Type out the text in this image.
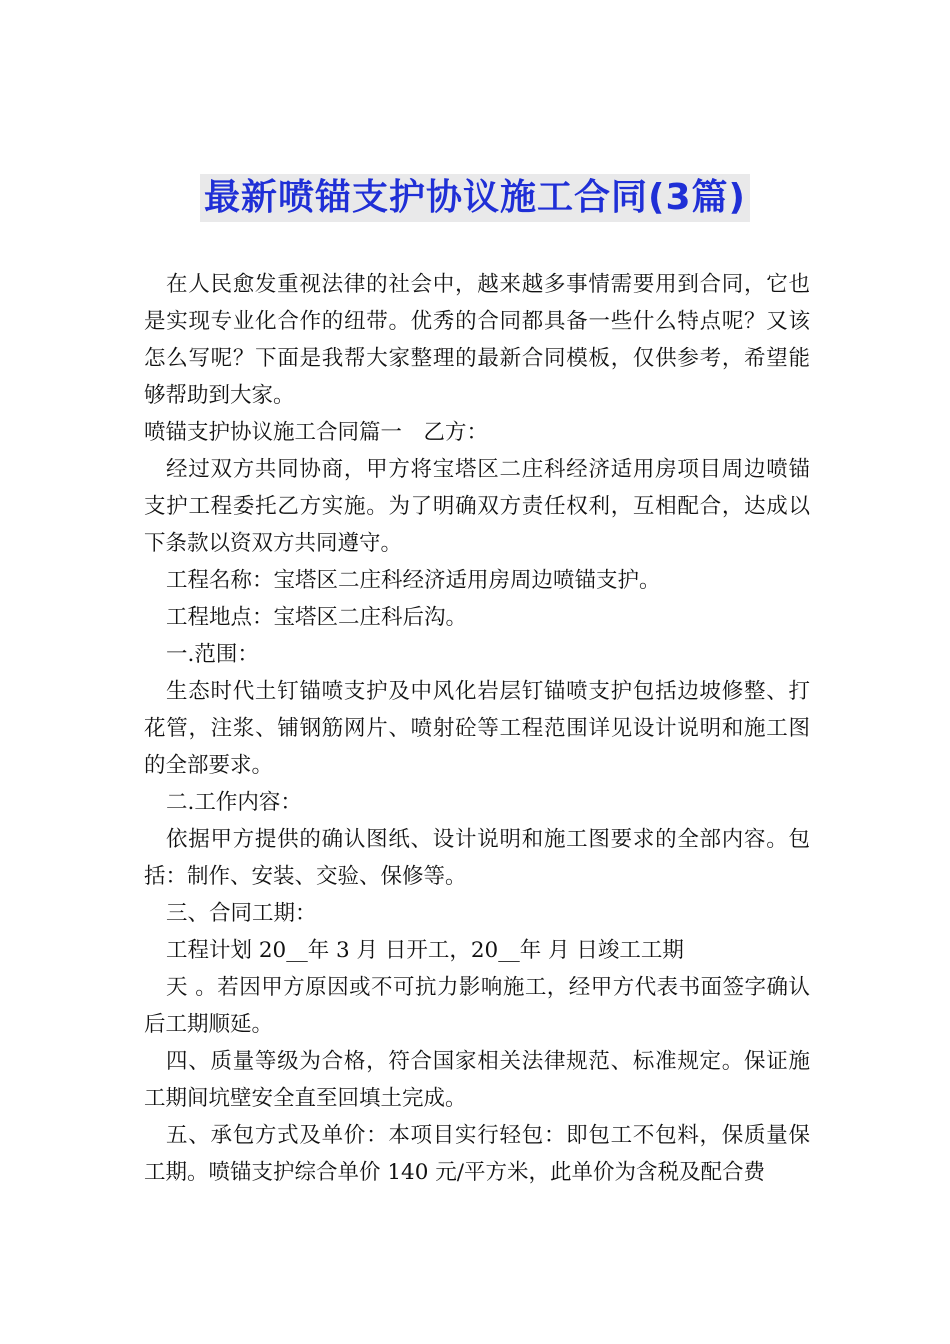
最新喷锚支护协议施工合同(3篇)

在人民愈发重视法律的社会中，越来越多事情需要用到合同，它也是实现专业化合作的纽带。优秀的合同都具备一些什么特点呢？又该怎么写呢？下面是我帮大家整理的最新合同模板，仅供参考，希望能够帮助到大家。

喷锚支护协议施工合同篇一　乙方：

经过双方共同协商，甲方将宝塔区二庄科经济适用房项目周边喷锚支护工程委托乙方实施。为了明确双方责任权利，互相配合，达成以下条款以资双方共同遵守。

工程名称：宝塔区二庄科经济适用房周边喷锚支护。

工程地点：宝塔区二庄科后沟。

一.范围：

生态时代土钉锚喷支护及中风化岩层钉锚喷支护包括边坡修整、打花管，注浆、铺钢筋网片、喷射砼等工程范围详见设计说明和施工图的全部要求。

二.工作内容：

依据甲方提供的确认图纸、设计说明和施工图要求的全部内容。包括：制作、安装、交验、保修等。

三、合同工期：

工程计划 20__年 3 月 日开工，20__年 月 日竣工工期

天 。若因甲方原因或不可抗力影响施工，经甲方代表书面签字确认后工期顺延。

四、质量等级为合格，符合国家相关法律规范、标准规定。保证施工期间坑壁安全直至回填土完成。

五、承包方式及单价：本项目实行轻包：即包工不包料，保质量保工期。喷锚支护综合单价 140 元/平方米，此单价为含税及配合费
